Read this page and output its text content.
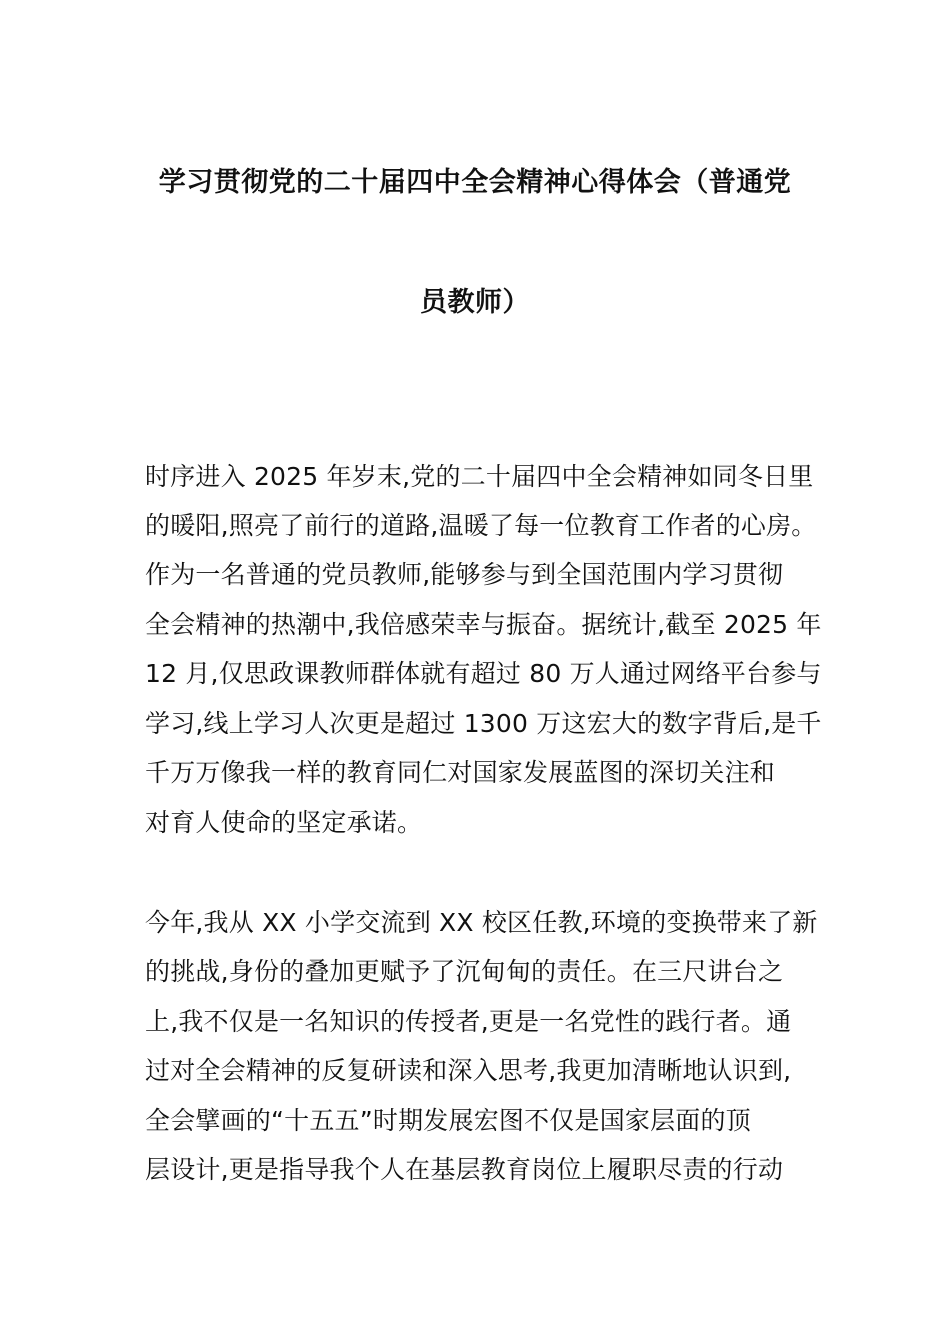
学习贯彻党的二十届四中全会精神心得体会（普通党
员教师）
时序进入 2025 年岁末,党的二十届四中全会精神如同冬日里
的暖阳,照亮了前行的道路,温暖了每一位教育工作者的心房。
作为一名普通的党员教师,能够参与到全国范围内学习贯彻
全会精神的热潮中,我倍感荣幸与振奋。据统计,截至 2025 年
12 月,仅思政课教师群体就有超过 80 万人通过网络平台参与
学习,线上学习人次更是超过 1300 万这宏大的数字背后,是千
千万万像我一样的教育同仁对国家发展蓝图的深切关注和
对育人使命的坚定承诺。
今年,我从 XX 小学交流到 XX 校区任教,环境的变换带来了新
的挑战,身份的叠加更赋予了沉甸甸的责任。在三尺讲台之
上,我不仅是一名知识的传授者,更是一名党性的践行者。通
过对全会精神的反复研读和深入思考,我更加清晰地认识到,
全会擘画的“十五五”时期发展宏图不仅是国家层面的顶
层设计,更是指导我个人在基层教育岗位上履职尽责的行动
